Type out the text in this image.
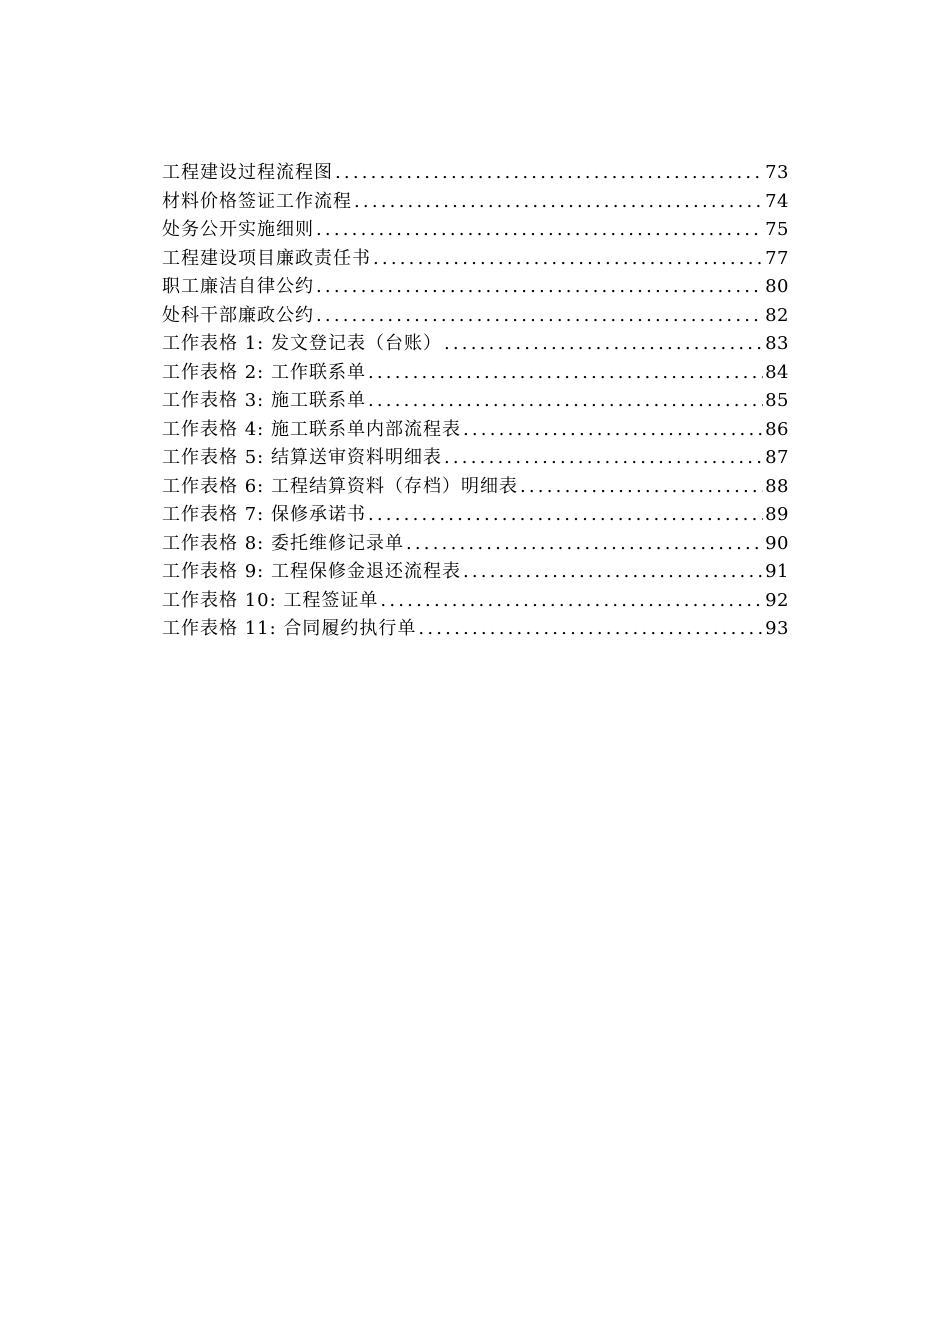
工程建设过程流程图 .....	73
材料价格签证工作流程 .....	74
处务公开实施细则 .....	75
工程建设项目廉政责任书 .....	77
职工廉洁自律公约 .....	80
处科干部廉政公约 .....	82
工作表格 1: 发文登记表（台账） .....	83
工作表格 2: 工作联系单 .....	84
工作表格 3: 施工联系单 .....	85
工作表格 4: 施工联系单内部流程表 .....	86
工作表格 5: 结算送审资料明细表 .....	87
工作表格 6: 工程结算资料（存档）明细表 .....	88
工作表格 7: 保修承诺书 .....	89
工作表格 8: 委托维修记录单 .....	90
工作表格 9: 工程保修金退还流程表 .....	91
工作表格 10: 工程签证单 .....	92
工作表格 11: 合同履约执行单 .....	93
